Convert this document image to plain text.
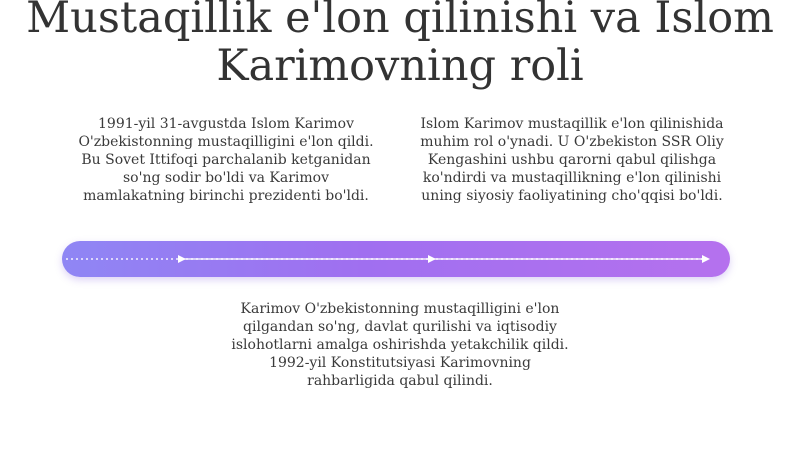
Mustaqillik e'lon qilinishi va Islom Karimovning roli

1991-yil 31-avgustda Islom Karimov O'zbekistonning mustaqilligini e'lon qildi. Bu Sovet Ittifoqi parchalanib ketganidan so'ng sodir bo'ldi va Karimov mamlakatning birinchi prezidenti bo'ldi.

Islom Karimov mustaqillik e'lon qilinishida muhim rol o'ynadi. U O'zbekiston SSR Oliy Kengashini ushbu qarorni qabul qilishga ko'ndirdi va mustaqillikning e'lon qilinishi uning siyosiy faoliyatining cho'qqisi bo'ldi.

Karimov O'zbekistonning mustaqilligini e'lon qilgandan so'ng, davlat qurilishi va iqtisodiy islohotlarni amalga oshirishda yetakchilik qildi. 1992-yil Konstitutsiyasi Karimovning rahbarligida qabul qilindi.
